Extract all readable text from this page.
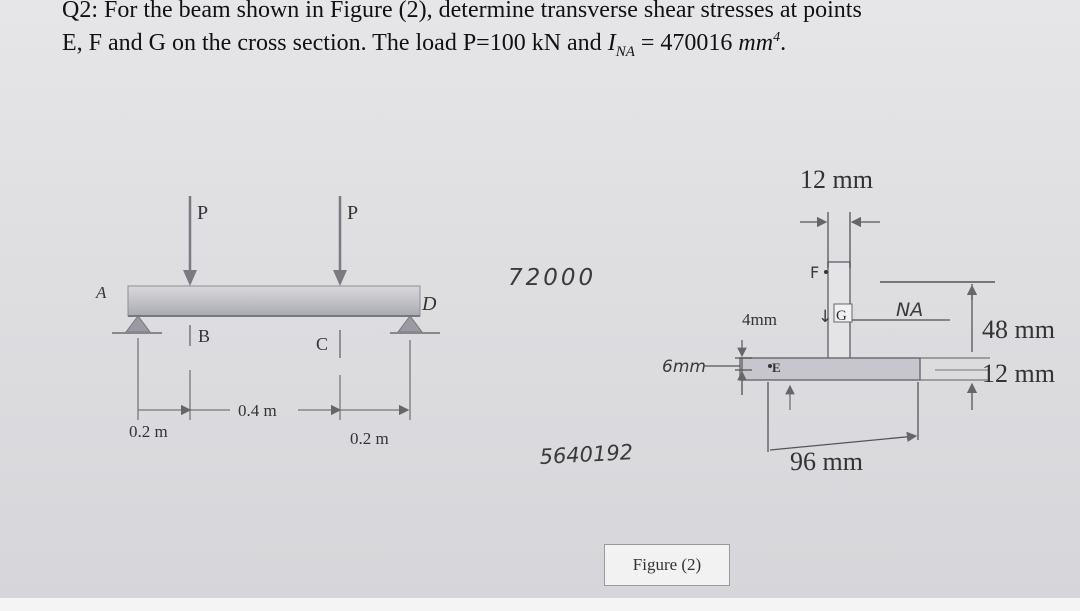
Q2: For the beam shown in Figure (2), determine transverse shear stresses at points
E, F and G on the cross section. The load P=100 kN and $I_{NA} = 470016$ $mm^4$.
P	P
A
D
B	C
0.2 m
0.4 m
0.2 m
12 mm
NA
48 mm
12 mm
96 mm
F
G
4mm ↓
E
72000
6mm
5640192
Figure (2)
